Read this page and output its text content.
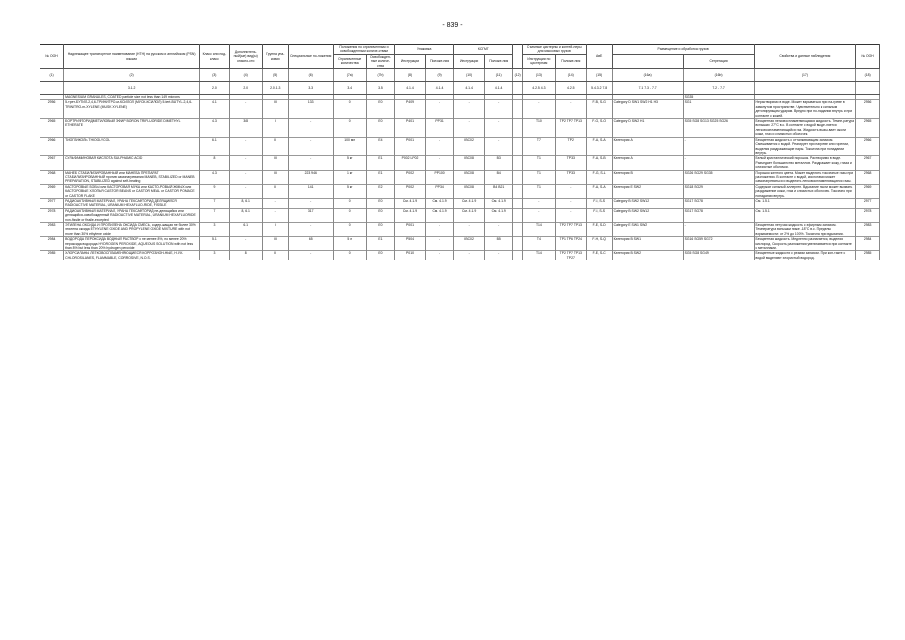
- 839 -
№ ООН	Надлежащее транспортное наименование (НТН) на русском и английском (PSN) языках	Класс или под-класс	Дополнитель-ный(ые) вид(ы) опасно-сти	Группа упа-ковки	Специальные по-ложения	Положения по ограниченным и освобожденным количе-ствам		Упаковка		КСГМГ			Съемные цистерны и контей-неры для массовых грузов		АвЕ	Размещение и обработка грузов		Свойства и данные наблюдения	№ ООН
						Ограниченные количества	Освобожден-ные количе-ства	Инструкции	Положе-ния	Инструкции	Положе-ния		Инструкции по цистернам	Положе-ния			Сегрегация		
(1)	(2)	(3)	(4)	(5)	(6)	(7a)	(7b)	(8)	(9)	(10)	(11)	(12)	(13)	(14)	(15)	(16a)	(16b)	(17)	(18)
	3.1.2	2.0	2.0	2.0.1.3	3.3	3.4	3.5	4.1.4	4.1.4	4.1.4	4.1.4		4.2.5 4.3	4.2.5	5.4.3.2 7.8	7.1 7.3 - 7.7	7.2 - 7.7		
	MAGNESIUM GRANULES, COATED particle size not less than 149 microns																SG35		
2956	5-трет-БУТИЛ-2,4,6-ТРИНИТРО-м-КСИЛОЛ (МУСК-КСИЛОЛ) 5-tert-BUTYL-2,4,6-TRINITRO-m-XYLENE (MUSK XYLENE)	4.1	-	III	133	0	E0	P409	-	-	-		-	-	F-B, S-G	Category D SW1 SW2 H1 H3	SG1	Нерастворимо в воде. Может взрываться при на-греве в замкнутом пространстве. Чувствительно к сильным детонирующим ударам. Вредно при по-падании внутрь и при контакте с кожей.	2956
2965	БОРТРИФТОРИДМЕТИЛОВЫЙ ЭФИР BORON TRIFLUORIDE DIMETHYL ETHERATE	4.3	3/8	I	-	0	E0	P401	PP31	-	-		T10	TP2 TP7 TP13	F-G, S-O	Category D SW2 H1	SG5 SG8 SG13 SG25 SG26	Бесцветная легковоспламеняющаяся жидкость. Темпе-ратура вспышки: 27°С в.с. В контакте с водой выде-ляется легковоспламеняющийся газ. Жидкость вызы-вает ожоги кожи, глаз и слизистых оболочек.	2965
2966	ТИОГЛИКОЛЬ THIOGLYCOL	6.1	-	II	-	100 мл	E4	P001	-	IBC02	-		T7	TP2	F-A, S-A	Категория A	-	Бесцветная жидкость с отталкивающим запахом. Смешивается с водой. Реагирует при нагреве или горении, выделяя раздражающие пары. Токсична при попадании внутрь.	2966
2967	СУЛЬФАМИНОВАЯ КИСЛОТА SULPHAMIC ACID	8	-	III	-	5 кг	E1	P002 LP02	-	IBC08	B3		T1	TP33	F-A, S-B	Категория A	-	Белый кристаллический порошок. Растворимо в воде. Разъедает большинство металлов. Раздражает кожу, глаза и слизистые оболочки.	2967
2968	МАНЕБ СТАБИЛИЗИРОВАННЫЙ или МАНЕБА ПРЕПАРАТ СТАБИЛИЗИРОВАННЫЙ против самонагревания MANEB, STABILIZED or MANEB PREPARATION, STABILIZED against self-heating	4.3	-	III	223 946	1 кг	E1	P002	PP100	IBC08	B4		T1	TP33	F-G, S-L	Категория B	SG26 SG29 SG35	Порошок желтого цвета. Может выделять токсичные газы при разложении. В контакте с водой, кислотами может самонагреваться и выделять легковоспламеняющиеся газы.	2968
2969	КАСТОРОВЫЕ БОБЫ или КАСТОРОВАЯ МУКА или КАСТО-РОВЫЙ ЖМЫХ или КАСТОРОВЫЕ ХЛОПЬЯ CASTOR BEANS or CASTOR MEAL or CASTOR POMACE or CASTOR FLAKE	9	-	II	141	5 кг	E2	P002	PP34	IBC08	B4 B21		T1	-	F-A, S-A	Категория E SW2	SG18 SG29	Содержат сильный аллерген. Вдыхание пыли может вызвать раздражение кожи, глаз и слизистых оболочек. Токсично при попадании внутрь.	2969
2977	РАДИОАКТИВНЫЙ МАТЕРИАЛ, УРАНА ГЕКСАФТОРИД ДЕЛЯЩИЙСЯ RADIOACTIVE MATERIAL, URANIUM HEXAFLUO-RIDE, FISSILE	7	8, 6.1	-	-	0	E0	См. 4.1.9	См. 4.1.9	См. 4.1.9	См. 4.1.9		-	-	F-I, S-S	Category B SW2 SW12	SG17 SG78	См. 1.5.1	2977
2978	РАДИОАКТИВНЫЙ МАТЕРИАЛ, УРАНА ГЕКСАФТОРИД не-делящийся или делящийся-освобожденный RADIOACTIVE MATERIAL, URANIUM HEXAFLUORIDE non-fissile or fissile-excepted	7	8, 6.1	-	317	0	E0	См. 4.1.9	См. 4.1.9	См. 4.1.9	См. 4.1.9		-	-	F-I, S-S	Category B SW2 SW12	SG17 SG78	См. 1.5.1	2978
2983	ЭТИЛЕНА ОКСИДА И ПРОПИЛЕНА ОКСИДА СМЕСЬ, содер-жащая не более 30% этилена оксида ETHYLENE OXIDE AND PROPYLENE OXIDE MIXTURE with not more than 30% ethylene oxide	3	6.1	I	-	0	E0	P001	-	-	-		T14	TP2 TP7 TP13	F-E, S-D	Category E SW1 SW2	-	Бесцветная летучая жидкость с эфирным запахом. Температура вспышки ниже -18°С в.с. Пределы взрываемости: от 2% до 100%. Токсична при вдыхании.	2983
2984	ВОДОРОДА ПЕРОКСИДА ВОДНЫЙ РАСТВОР с не менее 8%, но менее 20% пероксида водорода HYDROGEN PEROXIDE, AQUEOUS SOLUTION with not less than 8% but less than 20% hydrogen peroxide	5.1	-	III	65	5 л	E1	P504	-	IBC02	B5		T4	TP1 TP6 TP24	F-H, S-Q	Категория B SW1	SG16 SG59 SG72	Бесцветная жидкость. Медленно разлагается, выделяя кислород. Скорость разложения увеличивается при контакте с металлами.	2984
2985	ХЛОРСИЛАНЫ ЛЕГКОВОСПЛАМЕНЯЮЩИЕСЯ КОРРОЗИОН-НЫЕ, Н.У.К. CHLOROSILANES, FLAMMABLE, CORROSIVE, N.O.S.	3	8	II	-	0	E0	P010	-	-	-		T14	TP2 TP7 TP13 TP27	F-E, S-C	Категория B SW2	SG5 SG8 SG49	Бесцветные жидкости с резким запахом. При кон-такте с водой выделяют хлористый водород.	2985
